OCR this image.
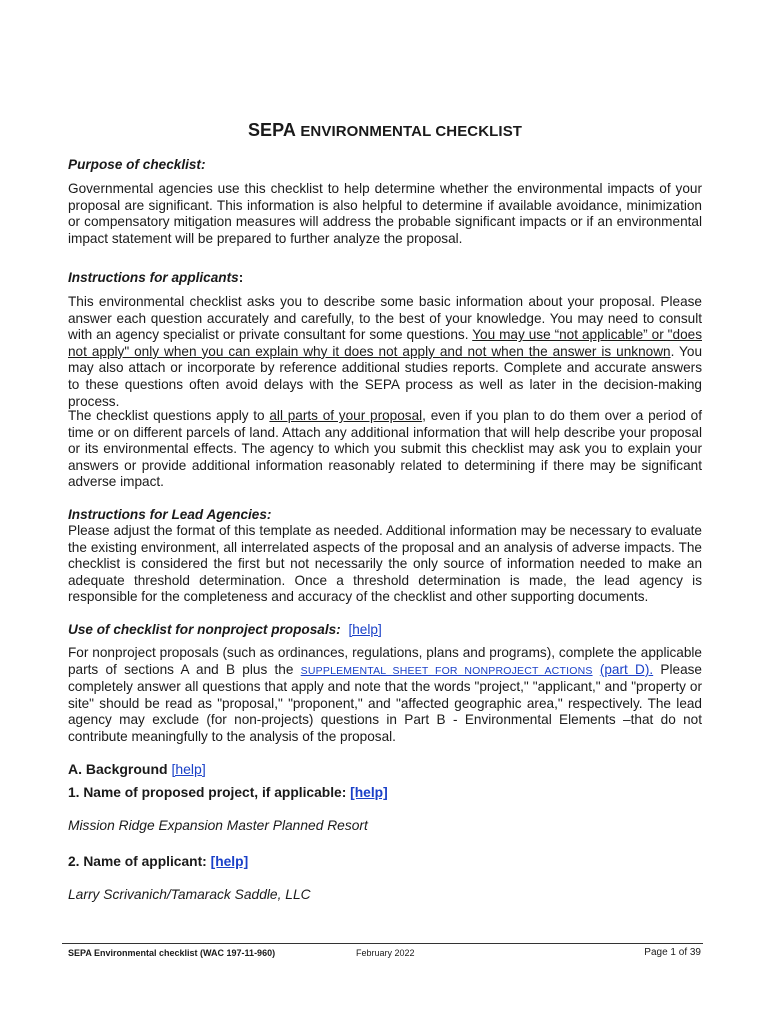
SEPA ENVIRONMENTAL CHECKLIST
Purpose of checklist:

Governmental agencies use this checklist to help determine whether the environmental impacts of your proposal are significant. This information is also helpful to determine if available avoidance, minimization or compensatory mitigation measures will address the probable significant impacts or if an environmental impact statement will be prepared to further analyze the proposal.

Instructions for applicants:

This environmental checklist asks you to describe some basic information about your proposal. Please answer each question accurately and carefully, to the best of your knowledge. You may need to consult with an agency specialist or private consultant for some questions. You may use “not applicable” or "does not apply" only when you can explain why it does not apply and not when the answer is unknown. You may also attach or incorporate by reference additional studies reports. Complete and accurate answers to these questions often avoid delays with the SEPA process as well as later in the decision-making process.

The checklist questions apply to all parts of your proposal, even if you plan to do them over a period of time or on different parcels of land. Attach any additional information that will help describe your proposal or its environmental effects. The agency to which you submit this checklist may ask you to explain your answers or provide additional information reasonably related to determining if there may be significant adverse impact.

Instructions for Lead Agencies:

Please adjust the format of this template as needed. Additional information may be necessary to evaluate the existing environment, all interrelated aspects of the proposal and an analysis of adverse impacts. The checklist is considered the first but not necessarily the only source of information needed to make an adequate threshold determination. Once a threshold determination is made, the lead agency is responsible for the completeness and accuracy of the checklist and other supporting documents.

Use of checklist for nonproject proposals: [help]

For nonproject proposals (such as ordinances, regulations, plans and programs), complete the applicable parts of sections A and B plus the SUPPLEMENTAL SHEET FOR NONPROJECT ACTIONS (part D). Please completely answer all questions that apply and note that the words "project," "applicant," and "property or site" should be read as "proposal," "proponent," and "affected geographic area," respectively. The lead agency may exclude (for non-projects) questions in Part B - Environmental Elements –that do not contribute meaningfully to the analysis of the proposal.

A. Background [help]
1. Name of proposed project, if applicable: [help]
Mission Ridge Expansion Master Planned Resort
2. Name of applicant: [help]
Larry Scrivanich/Tamarack Saddle, LLC
SEPA Environmental checklist (WAC 197-11-960)	February 2022	Page 1 of 39
